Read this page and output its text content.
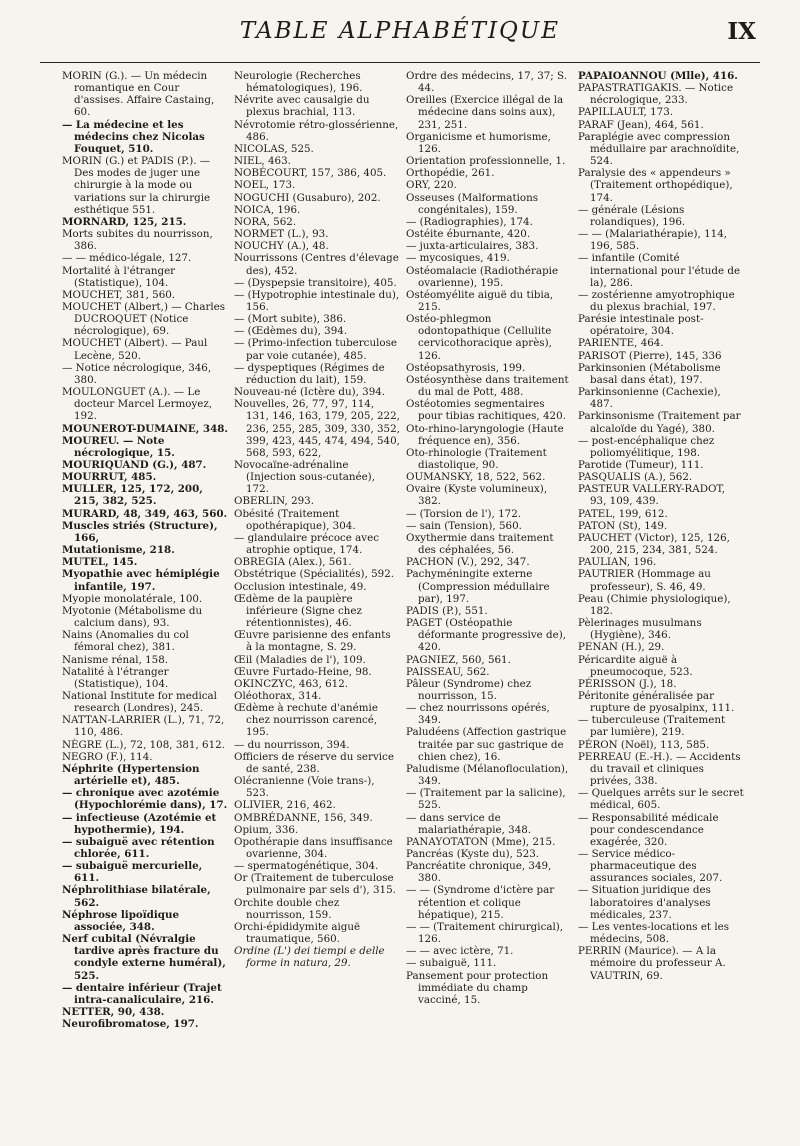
TABLE ALPHABÉTIQUE	IX

MORIN (G.). — Un médecin romantique en Cour d'assises. Affaire Castaing, 60.

— La médecine et les médecins chez Nicolas Fouquet, 510.

MORIN (G.) et PADIS (P.). — Des modes de juger une chirurgie à la mode ou variations sur la chirurgie esthétique 551.

MORNARD, 125, 215.

Morts subites du nourrisson, 386.

— — médico-légale, 127.

Mortalité à l'étranger (Statistique), 104.

MOUCHET, 381, 560.

MOUCHET (Albert,) — Charles DUCROQUET (Notice nécrologique), 69.

MOUCHET (Albert). — Paul Lecène, 520.

— Notice nécrologique, 346, 380.

MOULONGUET (A.). — Le docteur Marcel Lermoyez, 192.

MOUNEROT-DUMAINE, 348.

MOUREU. — Note nécrologique, 15.

MOURIQUAND (G.), 487.

MOURRUT, 485.

MULLER, 125, 172, 200, 215, 382, 525.

MURARD, 48, 349, 463, 560.

Muscles striés (Structure), 166,

Mutationisme, 218.

MUTEL, 145.

Myopathie avec hémiplégie infantile, 197.

Myopie monolatérale, 100.

Myotonie (Métabolisme du calcium dans), 93.

Nains (Anomalies du col fémoral chez), 381.

Nanisme rénal, 158.

Natalité à l'étranger (Statistique), 104.

National Institute for medical research (Londres), 245.

NATTAN-LARRIER (L.), 71, 72, 110, 486.

NÈGRE (L.), 72, 108, 381, 612.

NEGRO (F.), 114.

Néphrite (Hypertension artérielle et), 485.

— chronique avec azotémie (Hypochlorémie dans), 17.

— infectieuse (Azotémie et hypothermie), 194.

— subaiguë avec rétention chlorée, 611.

— subaiguë mercurielle, 611.

Néphrolithiase bilatérale, 562.

Néphrose lipoïdique associée, 348.

Nerf cubital (Névralgie tardive après fracture du condyle externe huméral), 525.

— dentaire inférieur (Trajet intra-canaliculaire, 216.

NETTER, 90, 438.

Neurofibromatose, 197.

Neurologie (Recherches hématologiques), 196.

Névrite avec causalgie du plexus brachial, 113.

Névrotomie rétro-glossérienne, 486.

NICOLAS, 525.

NIEL, 463.

NOBÉCOURT, 157, 386, 405.

NOEL, 173.

NOGUCHI (Gusaburo), 202.

NOICA, 196.

NORA, 562.

NORMET (L.), 93.

NOUCHY (A.), 48.

Nourrissons (Centres d'élevage des), 452.

— (Dyspepsie transitoire), 405.

— (Hypotrophie intestinale du), 156.

— (Mort subite), 386.

— (Œdèmes du), 394.

— (Primo-infection tuberculose par voie cutanée), 485.

— dyspeptiques (Régimes de réduction du lait), 159.

Nouveau-né (Ictère du), 394.

Nouvelles, 26, 77, 97, 114, 131, 146, 163, 179, 205, 222, 236, 255, 285, 309, 330, 352, 399, 423, 445, 474, 494, 540, 568, 593, 622,

Novocaïne-adrénaline (Injection sous-cutanée), 172.

OBERLIN, 293.

Obésité (Traitement opothérapique), 304.

— glandulaire précoce avec atrophie optique, 174.

OBREGIA (Alex.), 561.

Obstétrique (Spécialités), 592.

Occlusion intestinale, 49.

Œdème de la paupière inférieure (Signe chez rétentionnistes), 46.

Œuvre parisienne des enfants à la montagne, S. 29.

Œil (Maladies de l'), 109.

Œuvre Furtado-Heine, 98.

OKINCZYC, 463, 612.

Oléothorax, 314.

Œdème à rechute d'anémie chez nourrisson carencé, 195.

— du nourrisson, 394.

Officiers de réserve du service de santé, 238.

Olécranienne (Voie trans-), 523.

OLIVIER, 216, 462.

OMBRÉDANNE, 156, 349.

Opium, 336.

Opothérapie dans insuffisance ovarienne, 304.

— spermatogénétique, 304.

Or (Traitement de tuberculose pulmonaire par sels d'), 315.

Orchite double chez nourrisson, 159.

Orchi-épididymite aiguë traumatique, 560.

Ordine (L') dei tiempi e delle forme in natura, 29.

Ordre des médecins, 17, 37; S. 44.

Oreilles (Exercice illégal de la médecine dans soins aux), 231, 251.

Organicisme et humorisme, 126.

Orientation professionnelle, 1.

Orthopédie, 261.

ORY, 220.

Osseuses (Malformations congénitales), 159.

— (Radiographies), 174.

Ostéite éburnante, 420.

— juxta-articulaires, 383.

— mycosiques, 419.

Ostéomalacie (Radiothérapie ovarienne), 195.

Ostéomyélite aiguë du tibia, 215.

Ostéo-phlegmon odontopathique (Cellulite cervicothoracique après), 126.

Ostéopsathyrosis, 199.

Ostéosynthèse dans traitement du mal de Pott, 488.

Ostéotomies segmentaires pour tibias rachitiques, 420.

Oto-rhino-laryngologie (Haute fréquence en), 356.

Oto-rhinologie (Traitement diastolique, 90.

OUMANSKY, 18, 522, 562.

Ovaire (Kyste volumineux), 382.

— (Torsion de l'), 172.

— sain (Tension), 560.

Oxythermie dans traitement des céphalées, 56.

PACHON (V.), 292, 347.

Pachyméningite externe (Compression médullaire par), 197.

PADIS (P.), 551.

PAGET (Ostéopathie déformante progressive de), 420.

PAGNIEZ, 560, 561.

PAISSEAU, 562.

Pâleur (Syndrome) chez nourrisson, 15.

— chez nourrissons opérés, 349.

Paludéens (Affection gastrique traitée par suc gastrique de chien chez), 16.

Paludisme (Mélanofloculation), 349.

— (Traitement par la salicine), 525.

— dans service de malariathérapie, 348.

PANAYOTATON (Mme), 215.

Pancréas (Kyste du), 523.

Pancréatite chronique, 349, 380.

— — (Syndrome d'ictère par rétention et colique hépatique), 215.

— — (Traitement chirurgical), 126.

— — avec ictère, 71.

— subaiguë, 111.

Pansement pour protection immédiate du champ vacciné, 15.

PAPAIOANNOU (Mlle), 416.

PAPASTRATIGAKIS. — Notice nécrologique, 233.

PAPILLAULT, 173.

PARAF (Jean), 464, 561.

Paraplégie avec compression médullaire par arachnoïdite, 524.

Paralysie des « appendeurs » (Traitement orthopédique), 174.

— générale (Lésions rolandiques), 196.

— — (Malariathérapie), 114, 196, 585.

— infantile (Comité international pour l'étude de la), 286.

— zostérienne amyotrophique du plexus brachial, 197.

Parésie intestinale post-opératoire, 304.

PARIENTE, 464.

PARISOT (Pierre), 145, 336

Parkinsonien (Métabolisme basal dans état), 197.

Parkinsonienne (Cachexie), 487.

Parkinsonisme (Traitement par alcaloïde du Yagé), 380.

— post-encéphalique chez poliomyélitique, 198.

Parotide (Tumeur), 111.

PASQUALIS (A.), 562.

PASTEUR VALLERY-RADOT, 93, 109, 439.

PATEL, 199, 612.

PATON (St), 149.

PAUCHET (Victor), 125, 126, 200, 215, 234, 381, 524.

PAULIAN, 196.

PAUTRIER (Hommage au professeur), S. 46, 49.

Peau (Chimie physiologique), 182.

Pèlerinages musulmans (Hygiène), 346.

PENAN (H.), 29.

Péricardite aiguë à pneumocoque, 523.

PÉRISSON (J.), 18.

Péritonite généralisée par rupture de pyosalpinx, 111.

— tuberculeuse (Traitement par lumière), 219.

PÉRON (Noël), 113, 585.

PERREAU (E.-H.). — Accidents du travail et cliniques privées, 338.

— Quelques arrêts sur le secret médical, 605.

— Responsabilité médicale pour condescendance exagérée, 320.

— Service médico-pharmaceutique des assurances sociales, 207.

— Situation juridique des laboratoires d'analyses médicales, 237.

— Les ventes-locations et les médecins, 508.

PERRIN (Maurice). — A la mémoire du professeur A. VAUTRIN, 69.
